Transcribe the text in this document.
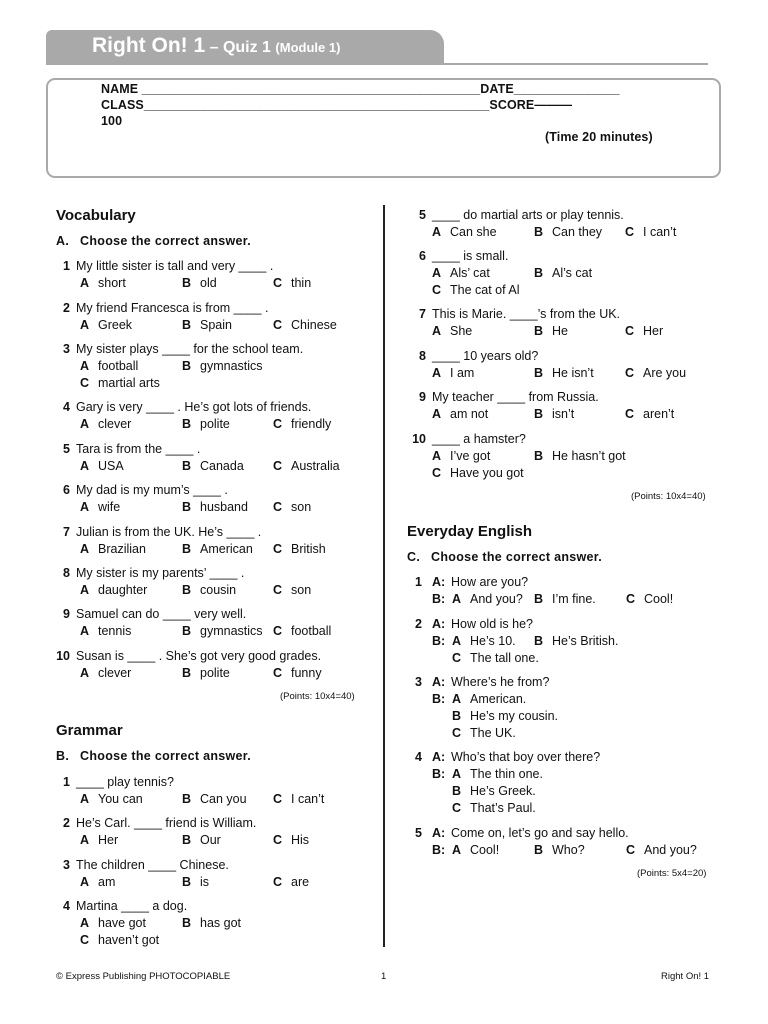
Right On! 1 – Quiz 1 (Module 1)
NAME ________________________________________________DATE_______________
CLASS_________________________________________________SCORE———
100
(Time 20 minutes)
Vocabulary
A. Choose the correct answer.
1 My little sister is tall and very ____ .
A short	B old	C thin
2 My friend Francesca is from ____ .
A Greek	B Spain	C Chinese
3 My sister plays ____ for the school team.
A football	B gymnastics
C martial arts
4 Gary is very ____ . He’s got lots of friends.
A clever	B polite	C friendly
5 Tara is from the ____ .
A USA	B Canada C Australia
6 My dad is my mum’s ____ .
A wife	B husband C son
7 Julian is from the UK. He’s ____ .
A Brazilian	B American C British
8 My sister is my parents’ ____ .
A daughter	B cousin	C son
9 Samuel can do ____ very well.
A tennis	B gymnastics C football
10 Susan is ____ . She’s got very good grades.
A clever	B polite	C funny
(Points: 10x4=40)
Grammar
B. Choose the correct answer.
1 ____ play tennis?
A You can	B Can you C I can’t
2 He’s Carl. ____ friend is William.
A Her	B Our	C His
3 The children ____ Chinese.
A am	B is	C are
4 Martina ____ a dog.
A have got	B has got
C haven’t got
5 ____ do martial arts or play tennis.
A Can she	B Can they C I can’t
6 ____ is small.
A Als’ cat	B Al’s cat
C The cat of Al
7 This is Marie. ____’s from the UK.
A She	B He	C Her
8 ____ 10 years old?
A I am	B He isn’t	C Are you
9 My teacher ____ from Russia.
A am not	B isn’t	C aren’t
10 ____ a hamster?
A I’ve got	B He hasn’t got
C Have you got
(Points: 10x4=40)
Everyday English
C. Choose the correct answer.
1 A: How are you?
B: A And you? B I’m fine. C Cool!
2 A: How old is he?
B: A He’s 10. B He’s British.
C The tall one.
3 A: Where’s he from?
B: A American.
B He’s my cousin.
C The UK.
4 A: Who’s that boy over there?
B: A The thin one.
B He’s Greek.
C That’s Paul.
5 A: Come on, let’s go and say hello.
B: A Cool!	B Who?	C And you?
(Points: 5x4=20)
© Express Publishing PHOTOCOPIABLE	1	Right On! 1
